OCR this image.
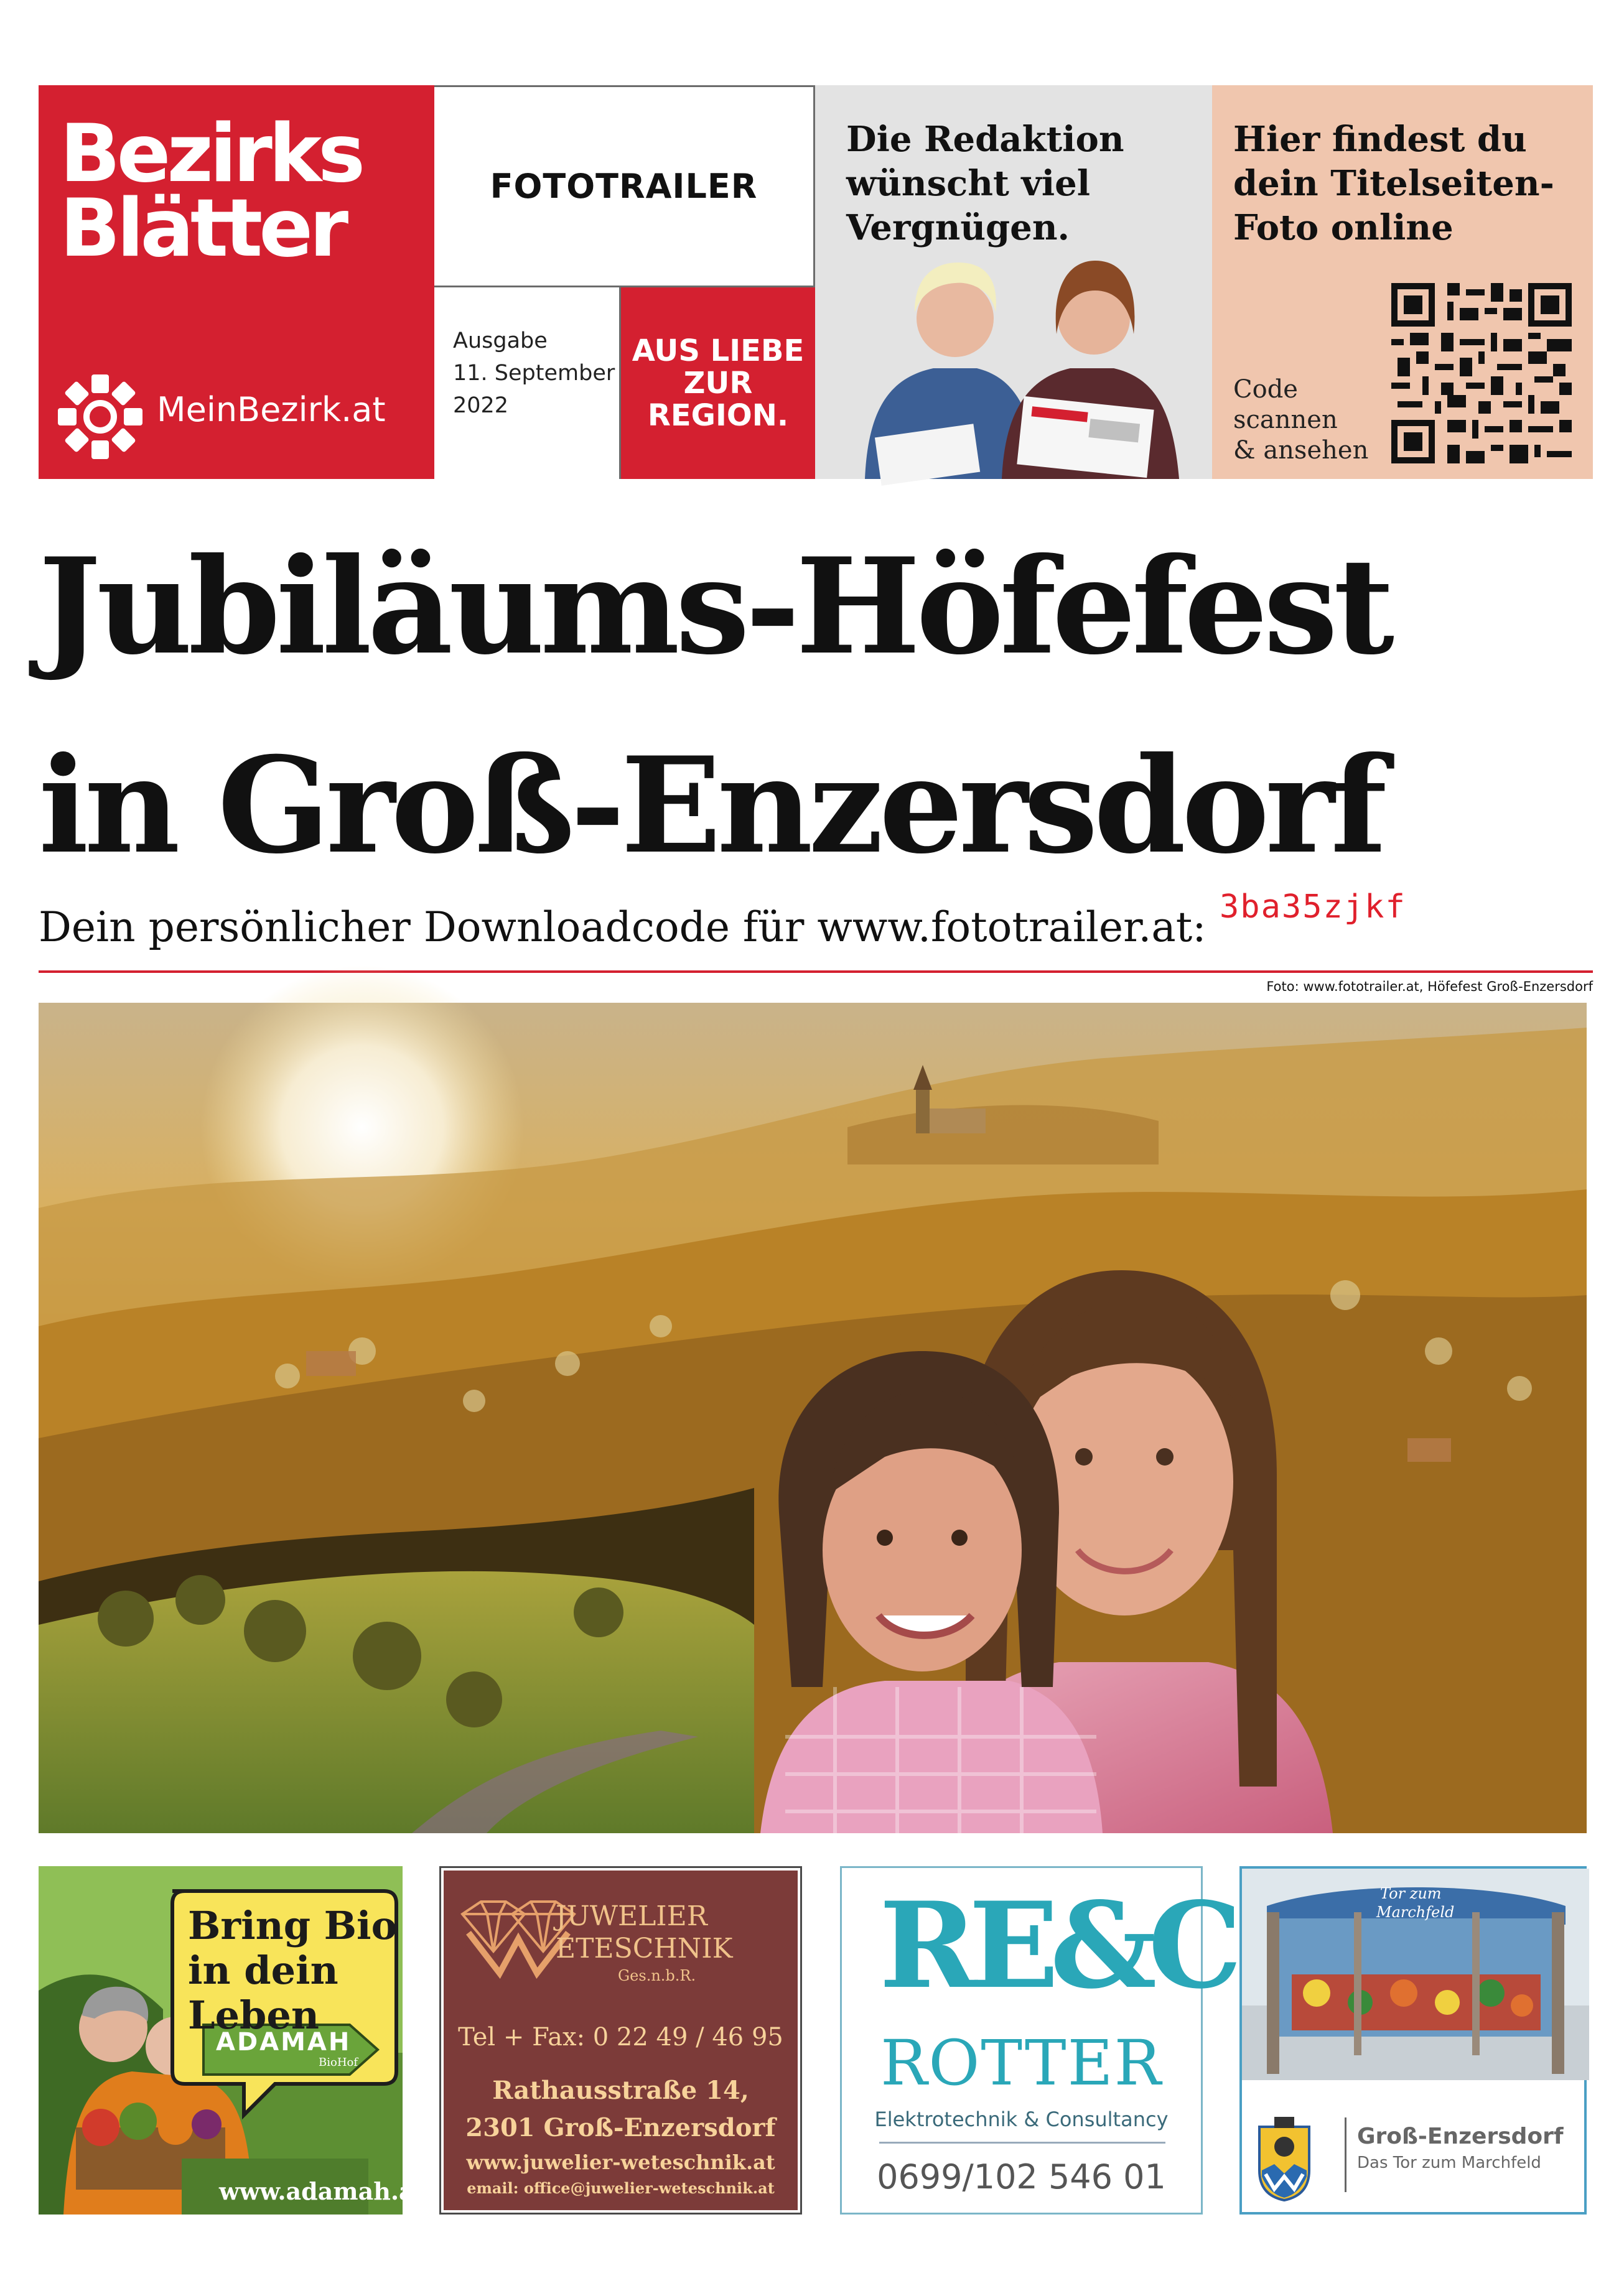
Bezirks
Blätter
MeinBezirk.at
FOTOTRAILER
Ausgabe
11. September
2022
AUS LIEBE
ZUR
REGION.
Die Redaktion
wünscht viel
Vergnügen.
Hier findest du
dein Titelseiten-
Foto online
Code
scannen
& ansehen
Jubiläums-Höfefest
in Groß-Enzersdorf
Dein persönlicher Downloadcode für www.fototrailer.at: 3ba35zjkf
Foto: www.fototrailer.at, Höfefest Groß-Enzersdorf
Bring Bio
in dein
Leben
ADAMAH
BioHof
www.adamah.at
JUWELIER
ETESCHNIK
Ges.n.b.R.
Tel + Fax: 0 22 49 / 46 95
Rathausstraße 14,
2301 Groß-Enzersdorf
www.juwelier-weteschnik.at
email: office@juwelier-weteschnik.at
RE&C
ROTTER
Elektrotechnik & Consultancy
0699/102 546 01
Tor zum
Marchfeld
Groß-Enzersdorf
Das Tor zum Marchfeld
